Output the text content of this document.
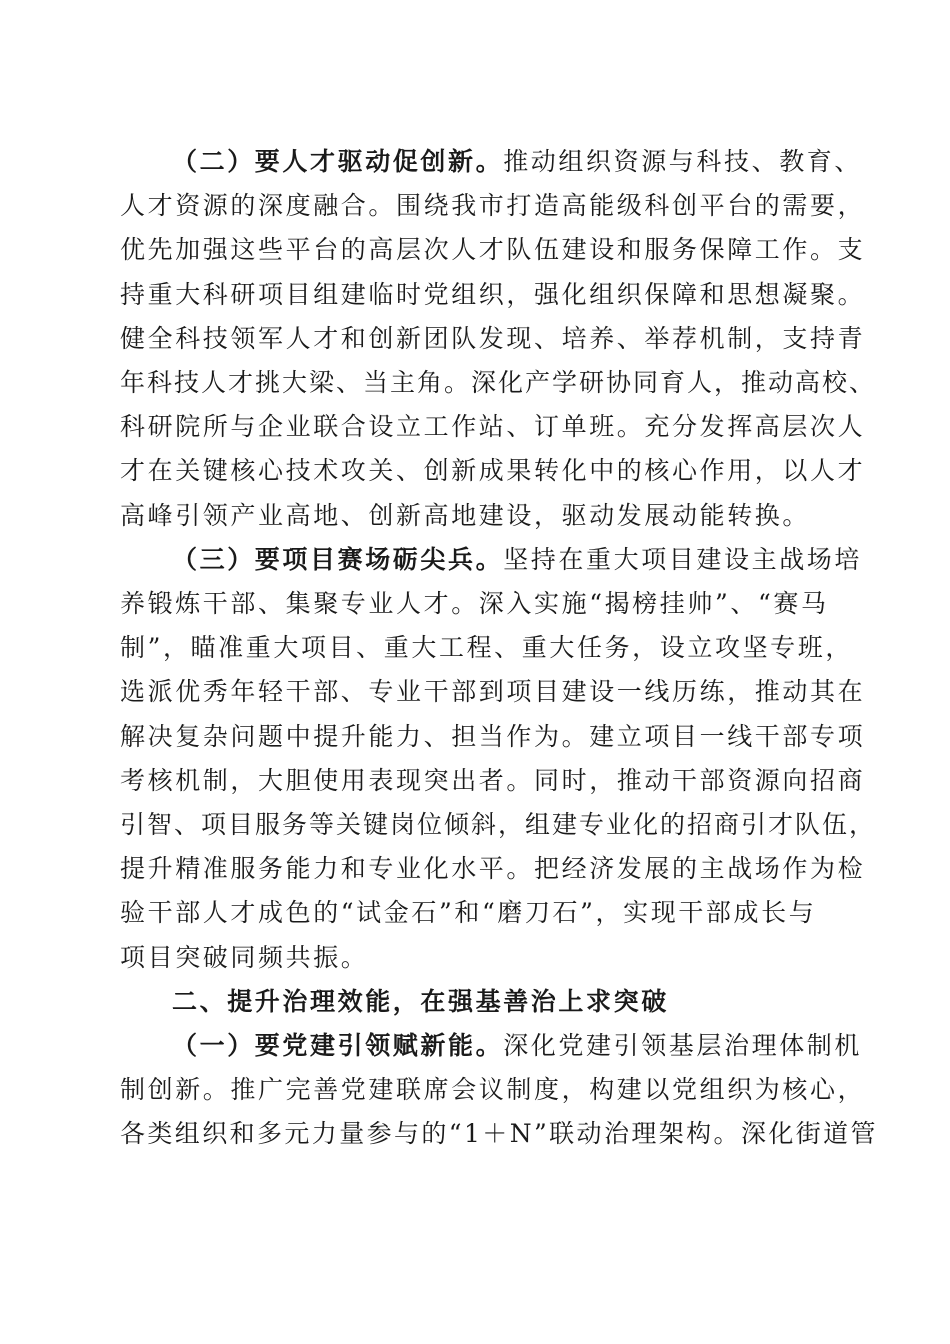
（二）要人才驱动促创新。推动组织资源与科技、教育、
人才资源的深度融合。围绕我市打造高能级科创平台的需要，
优先加强这些平台的高层次人才队伍建设和服务保障工作。支
持重大科研项目组建临时党组织，强化组织保障和思想凝聚。
健全科技领军人才和创新团队发现、培养、举荐机制，支持青
年科技人才挑大梁、当主角。深化产学研协同育人，推动高校、
科研院所与企业联合设立工作站、订单班。充分发挥高层次人
才在关键核心技术攻关、创新成果转化中的核心作用，以人才
高峰引领产业高地、创新高地建设，驱动发展动能转换。
（三）要项目赛场砺尖兵。坚持在重大项目建设主战场培
养锻炼干部、集聚专业人才。深入实施“揭榜挂帅”、“赛马
制”，瞄准重大项目、重大工程、重大任务，设立攻坚专班，
选派优秀年轻干部、专业干部到项目建设一线历练，推动其在
解决复杂问题中提升能力、担当作为。建立项目一线干部专项
考核机制，大胆使用表现突出者。同时，推动干部资源向招商
引智、项目服务等关键岗位倾斜，组建专业化的招商引才队伍，
提升精准服务能力和专业化水平。把经济发展的主战场作为检
验干部人才成色的“试金石”和“磨刀石”，实现干部成长与
项目突破同频共振。
二、提升治理效能，在强基善治上求突破
（一）要党建引领赋新能。深化党建引领基层治理体制机
制创新。推广完善党建联席会议制度，构建以党组织为核心，
各类组织和多元力量参与的“1＋N”联动治理架构。深化街道管
